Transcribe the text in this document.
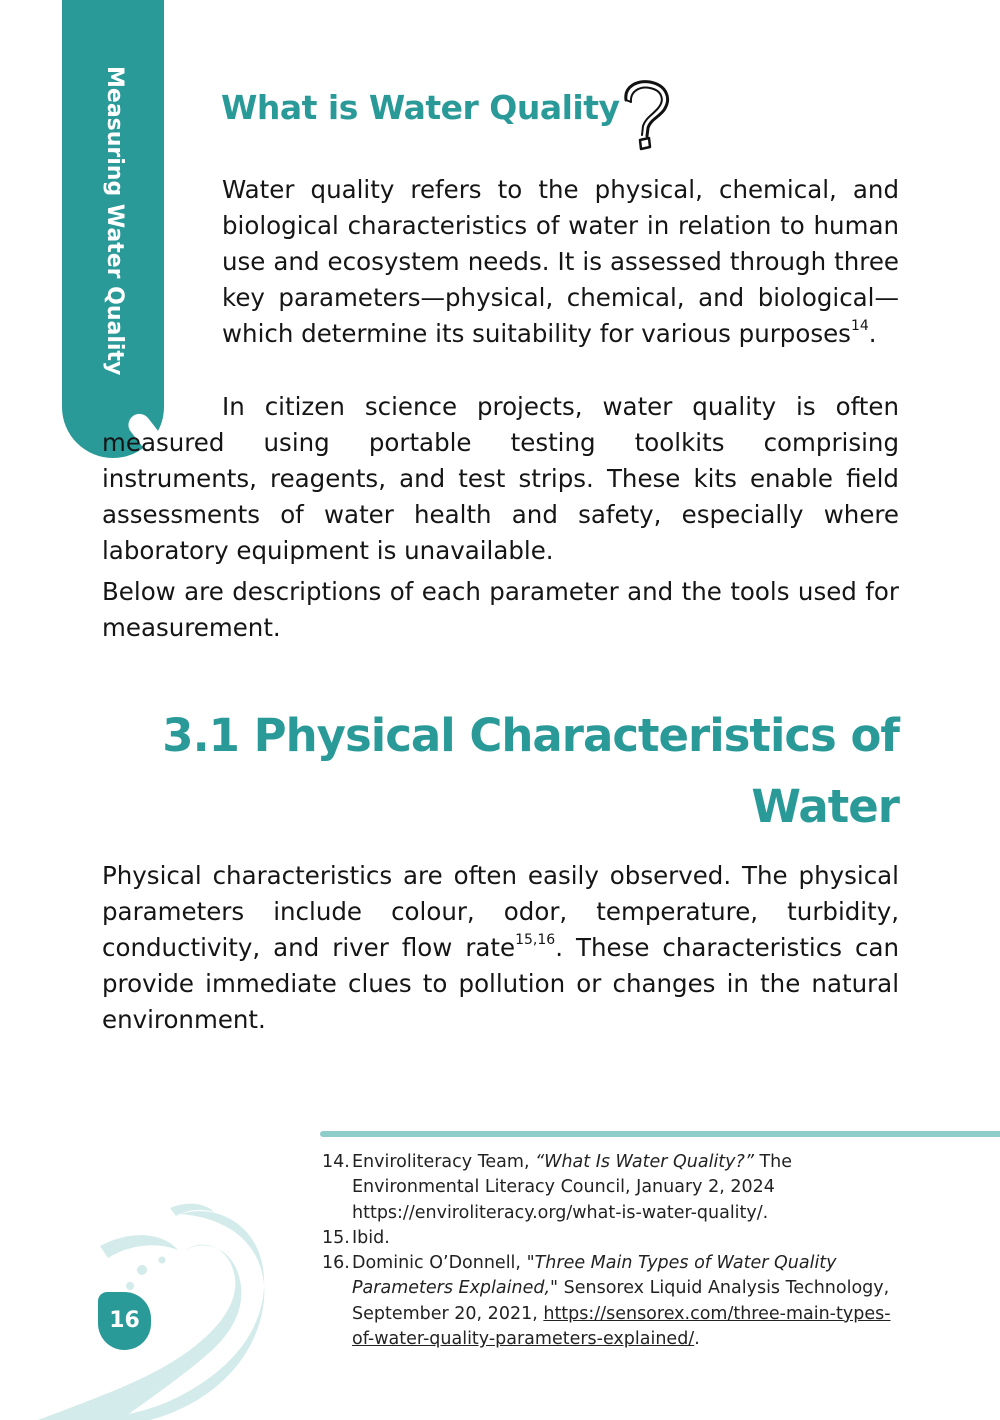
Measuring Water Quality	What is Water Quality

Water quality refers to the physical, chemical, and biological characteristics of water in relation to human use and ecosystem needs. It is assessed through three key parameters—physical, chemical, and biological—which determine its suitability for various purposes$^{14}$.

In citizen science projects, water quality is often measured using portable testing toolkits comprising instruments, reagents, and test strips. These kits enable field assessments of water health and safety, especially where laboratory equipment is unavailable.

Below are descriptions of each parameter and the tools used for measurement.

3.1 Physical Characteristics of Water

Physical characteristics are often easily observed. The physical parameters include colour, odor, temperature, turbidity, conductivity, and river flow rate$^{15,16}$. These characteristics can provide immediate clues to pollution or changes in the natural environment.

14. Enviroliteracy Team, “What Is Water Quality?” The Environmental Literacy Council, January 2, 2024 https://enviroliteracy.org/what-is-water-quality/.
15. Ibid.
16. Dominic O’Donnell, "Three Main Types of Water Quality Parameters Explained," Sensorex Liquid Analysis Technology, September 20, 2021, https://sensorex.com/three-main-types-of-water-quality-parameters-explained/.
16
